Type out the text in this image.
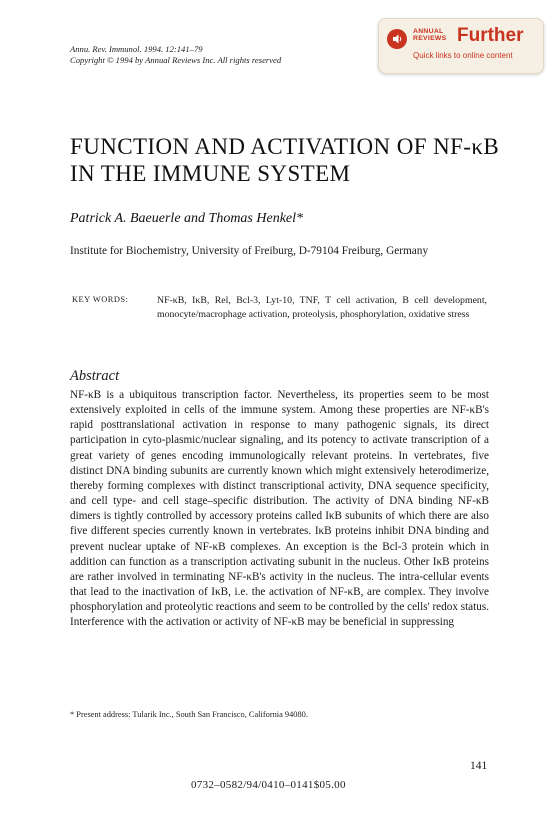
Annu. Rev. Immunol. 1994. 12:141–79
Copyright © 1994 by Annual Reviews Inc. All rights reserved
ANNUAL
REVIEWS Further
Quick links to online content
FUNCTION AND ACTIVATION OF NF-κB IN THE IMMUNE SYSTEM
Patrick A. Baeuerle and Thomas Henkel*
Institute for Biochemistry, University of Freiburg, D-79104 Freiburg, Germany
KEY WORDS:	NF-κB, IκB, Rel, Bcl-3, Lyt-10, TNF, T cell activation, B cell development, monocyte/macrophage activation, proteolysis, phosphorylation, oxidative stress
Abstract
NF-κB is a ubiquitous transcription factor. Nevertheless, its properties seem to be most extensively exploited in cells of the immune system. Among these properties are NF-κB's rapid posttranslational activation in response to many pathogenic signals, its direct participation in cyto-plasmic/nuclear signaling, and its potency to activate transcription of a great variety of genes encoding immunologically relevant proteins. In vertebrates, five distinct DNA binding subunits are currently known which might extensively heterodimerize, thereby forming complexes with distinct transcriptional activity, DNA sequence specificity, and cell type- and cell stage–specific distribution. The activity of DNA binding NF-κB dimers is tightly controlled by accessory proteins called IκB subunits of which there are also five different species currently known in vertebrates. IκB proteins inhibit DNA binding and prevent nuclear uptake of NF-κB complexes. An exception is the Bcl-3 protein which in addition can function as a transcription activating subunit in the nucleus. Other IκB proteins are rather involved in terminating NF-κB's activity in the nucleus. The intra-cellular events that lead to the inactivation of IκB, i.e. the activation of NF-κB, are complex. They involve phosphorylation and proteolytic reactions and seem to be controlled by the cells' redox status. Interference with the activation or activity of NF-κB may be beneficial in suppressing
* Present address: Tularik Inc., South San Francisco, California 94080.
141
0732–0582/94/0410–0141$05.00
